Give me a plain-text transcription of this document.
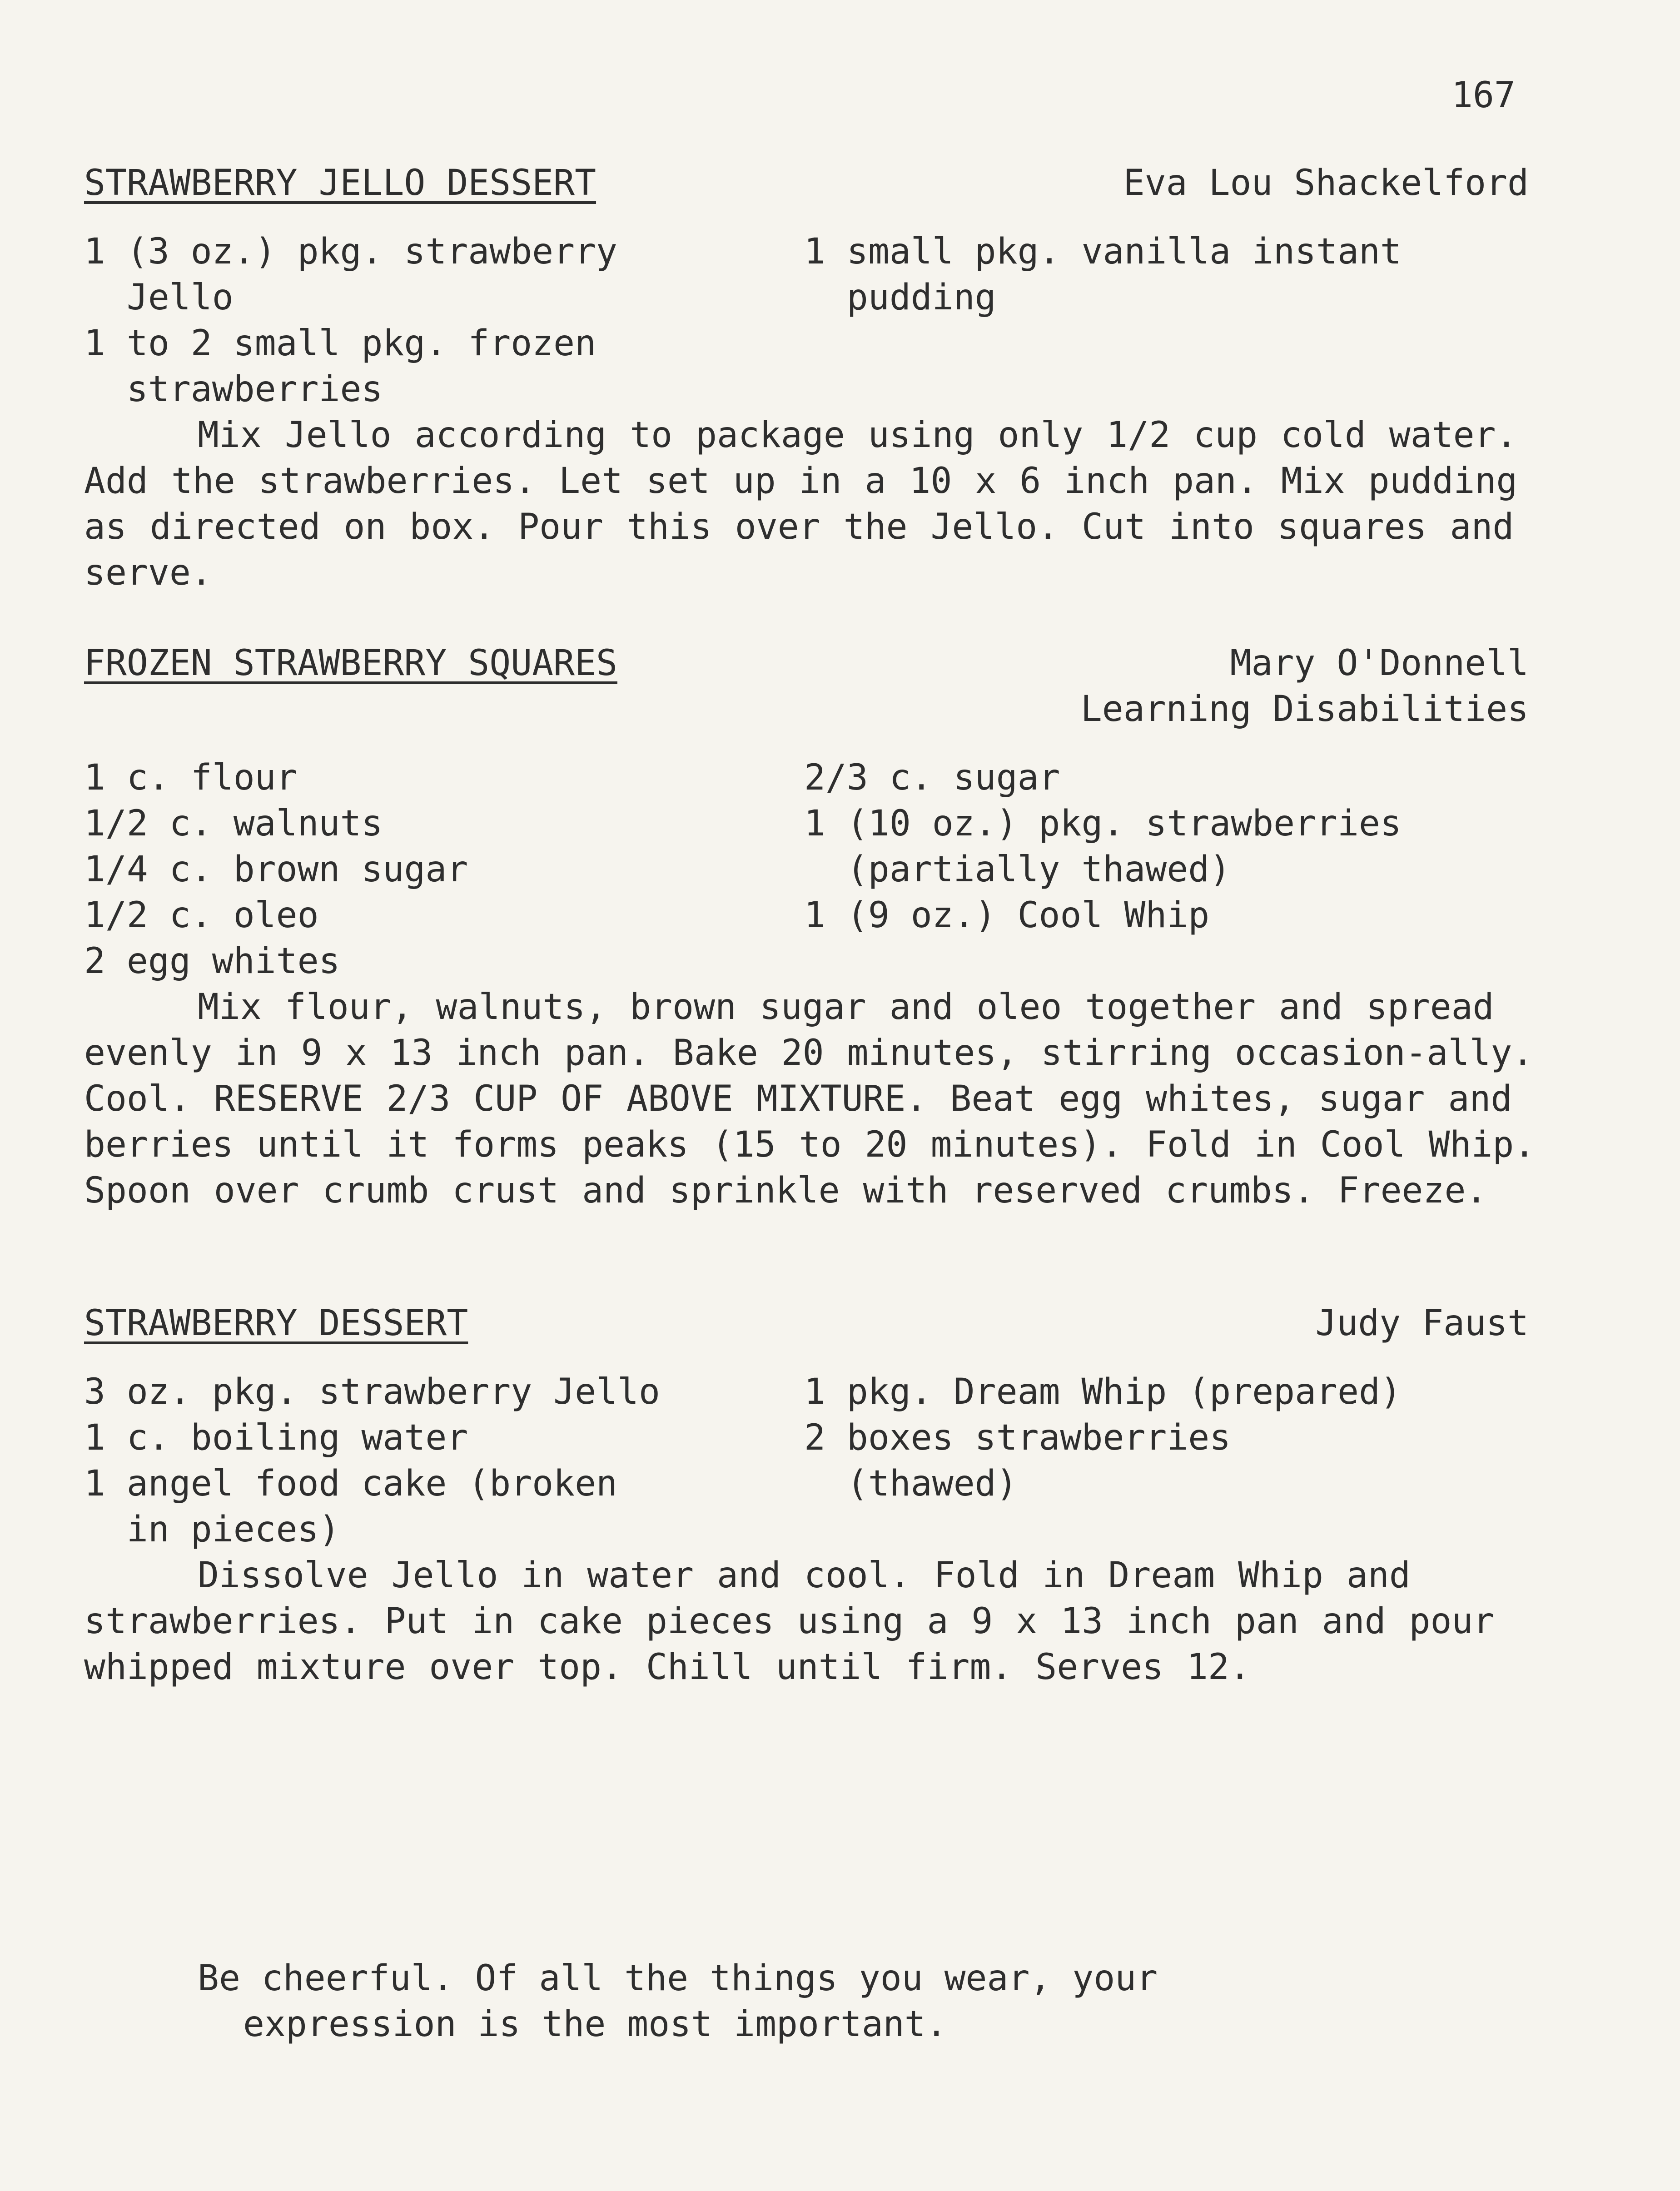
167
STRAWBERRY JELLO DESSERT	Eva Lou Shackelford
1 (3 oz.) pkg. strawberry
Jello
1 to 2 small pkg. frozen
strawberries
1 small pkg. vanilla instant
pudding
Mix Jello according to package using only 1/2 cup cold water. Add the strawberries. Let set up in a 10 x 6 inch pan. Mix pudding as directed on box. Pour this over the Jello. Cut into squares and serve.
FROZEN STRAWBERRY SQUARES	Mary O'Donnell
Learning Disabilities
1 c. flour
1/2 c. walnuts
1/4 c. brown sugar
1/2 c. oleo
2 egg whites
2/3 c. sugar
1 (10 oz.) pkg. strawberries
(partially thawed)
1 (9 oz.) Cool Whip
Mix flour, walnuts, brown sugar and oleo together and spread evenly in 9 x 13 inch pan. Bake 20 minutes, stirring occasion-ally. Cool. RESERVE 2/3 CUP OF ABOVE MIXTURE. Beat egg whites, sugar and berries until it forms peaks (15 to 20 minutes). Fold in Cool Whip. Spoon over crumb crust and sprinkle with reserved crumbs. Freeze.
STRAWBERRY DESSERT	Judy Faust
3 oz. pkg. strawberry Jello
1 c. boiling water
1 angel food cake (broken
in pieces)
1 pkg. Dream Whip (prepared)
2 boxes strawberries
(thawed)
Dissolve Jello in water and cool. Fold in Dream Whip and strawberries. Put in cake pieces using a 9 x 13 inch pan and pour whipped mixture over top. Chill until firm. Serves 12.
Be cheerful. Of all the things you wear, your
expression is the most important.
